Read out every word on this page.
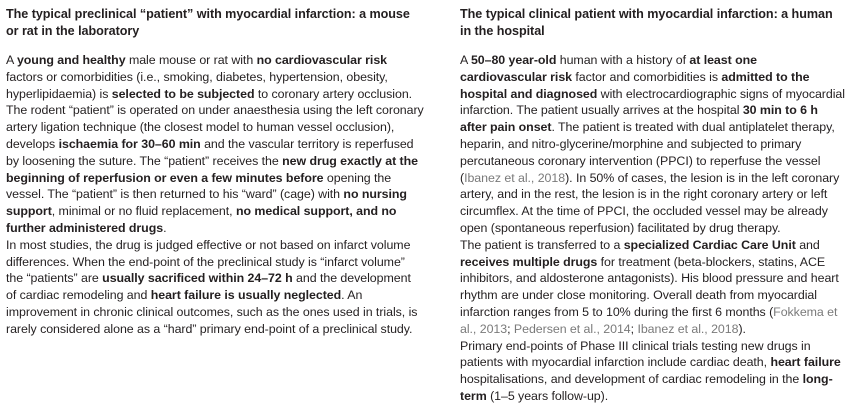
The typical preclinical “patient” with myocardial infarction: a mouse or rat in the laboratory

A young and healthy male mouse or rat with no cardiovascular risk factors or comorbidities (i.e., smoking, diabetes, hypertension, obesity, hyperlipidaemia) is selected to be subjected to coronary artery occlusion. The rodent “patient” is operated on under anaesthesia using the left coronary artery ligation technique (the closest model to human vessel occlusion), develops ischaemia for 30–60 min and the vascular territory is reperfused by loosening the suture. The “patient” receives the new drug exactly at the beginning of reperfusion or even a few minutes before opening the vessel. The “patient” is then returned to his “ward” (cage) with no nursing support, minimal or no fluid replacement, no medical support, and no further administered drugs.

In most studies, the drug is judged effective or not based on infarct volume differences. When the end-point of the preclinical study is “infarct volume” the “patients” are usually sacrificed within 24–72 h and the development of cardiac remodeling and heart failure is usually neglected. An improvement in chronic clinical outcomes, such as the ones used in trials, is rarely considered alone as a “hard” primary end-point of a preclinical study.

The typical clinical patient with myocardial infarction: a human in the hospital

A 50–80 year-old human with a history of at least one cardiovascular risk factor and comorbidities is admitted to the hospital and diagnosed with electrocardiographic signs of myocardial infarction. The patient usually arrives at the hospital 30 min to 6 h after pain onset. The patient is treated with dual antiplatelet therapy, heparin, and nitro-glycerine/morphine and subjected to primary percutaneous coronary intervention (PPCI) to reperfuse the vessel (Ibanez et al., 2018). In 50% of cases, the lesion is in the left coronary artery, and in the rest, the lesion is in the right coronary artery or left circumflex. At the time of PPCI, the occluded vessel may be already open (spontaneous reperfusion) facilitated by drug therapy.

The patient is transferred to a specialized Cardiac Care Unit and receives multiple drugs for treatment (beta-blockers, statins, ACE inhibitors, and aldosterone antagonists). His blood pressure and heart rhythm are under close monitoring. Overall death from myocardial infarction ranges from 5 to 10% during the first 6 months (Fokkema et al., 2013; Pedersen et al., 2014; Ibanez et al., 2018).

Primary end-points of Phase III clinical trials testing new drugs in patients with myocardial infarction include cardiac death, heart failure hospitalisations, and development of cardiac remodeling in the long-term (1–5 years follow-up).
